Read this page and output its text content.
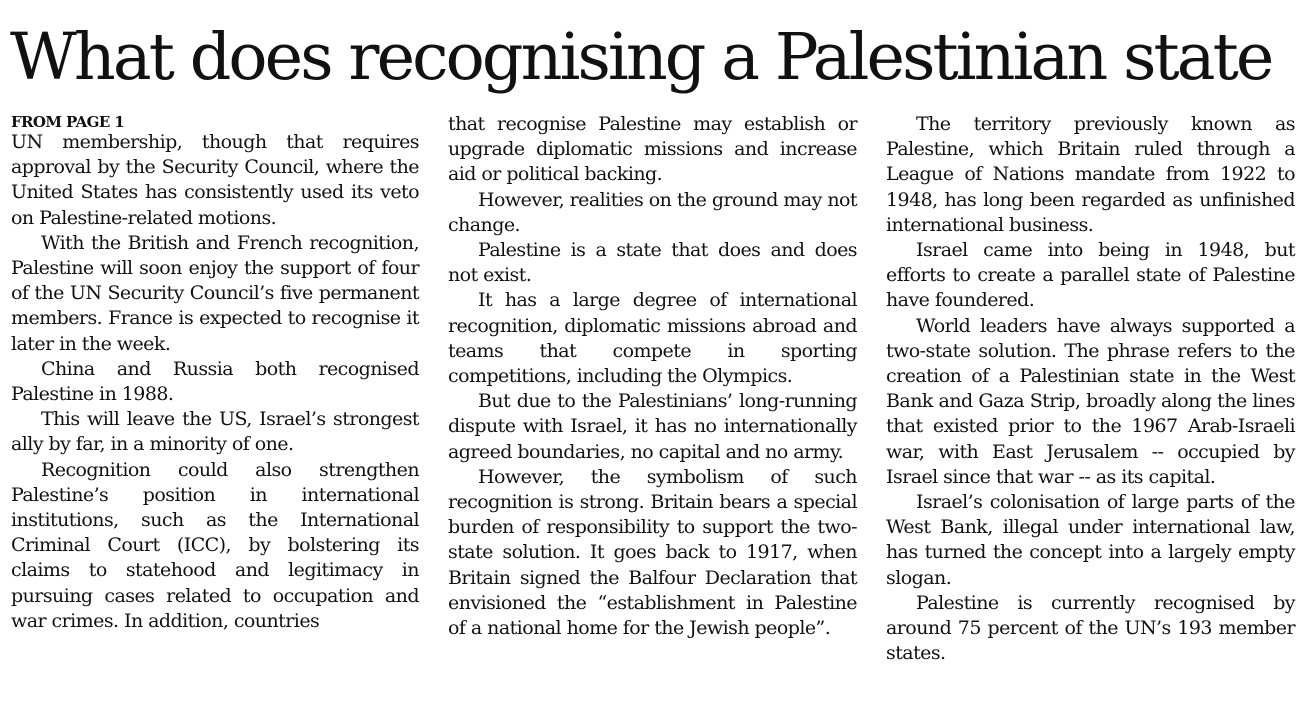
What does recognising a Palestinian state
FROM PAGE 1

UN membership, though that requires approval by the Security Council, where the United States has consistently used its veto on Palestine-related motions.

With the British and French recognition, Palestine will soon enjoy the support of four of the UN Security Council’s five permanent members. France is expected to recognise it later in the week.

China and Russia both recognised Palestine in 1988.

This will leave the US, Israel’s strongest ally by far, in a minority of one.

Recognition could also strengthen Palestine’s position in international institutions, such as the International Criminal Court (ICC), by bolstering its claims to statehood and legitimacy in pursuing cases related to occupation and war crimes. In addition, countries

that recognise Palestine may establish or upgrade diplomatic missions and increase aid or political backing.

However, realities on the ground may not change.

Palestine is a state that does and does not exist.

It has a large degree of international recognition, diplomatic missions abroad and teams that compete in sporting competitions, including the Olympics.

But due to the Palestinians’ long-running dispute with Israel, it has no internationally agreed boundaries, no capital and no army.

However, the symbolism of such recognition is strong. Britain bears a special burden of responsibility to support the two-state solution. It goes back to 1917, when Britain signed the Balfour Declaration that envisioned the “establishment in Palestine of a national home for the Jewish people”.

The territory previously known as Palestine, which Britain ruled through a League of Nations mandate from 1922 to 1948, has long been regarded as unfinished international business.

Israel came into being in 1948, but efforts to create a parallel state of Palestine have foundered.

World leaders have always supported a two-state solution. The phrase refers to the creation of a Palestinian state in the West Bank and Gaza Strip, broadly along the lines that existed prior to the 1967 Arab-Israeli war, with East Jerusalem -- occupied by Israel since that war -- as its capital.

Israel’s colonisation of large parts of the West Bank, illegal under international law, has turned the concept into a largely empty slogan.

Palestine is currently recognised by around 75 percent of the UN’s 193 member states.
